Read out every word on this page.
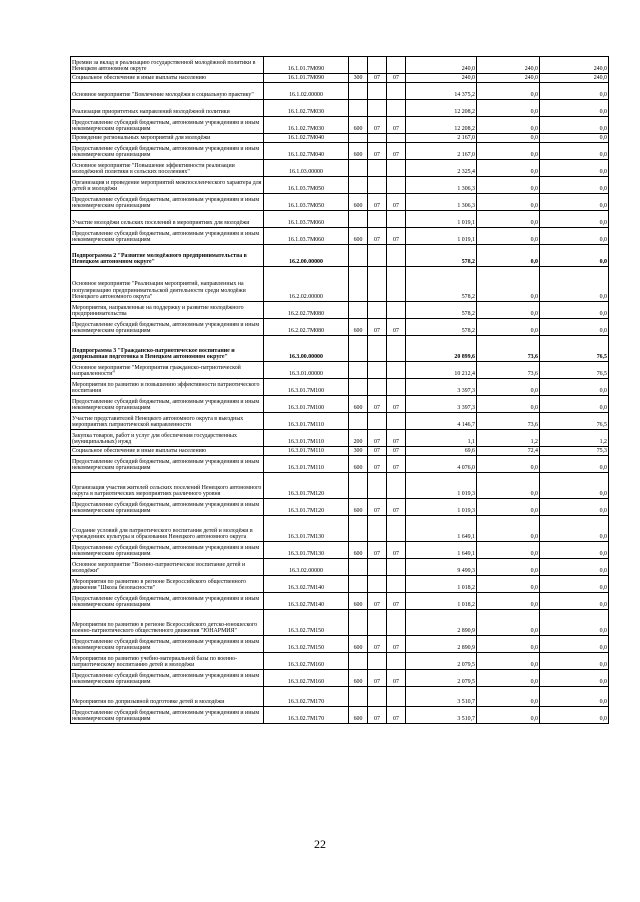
Премии за вклад в реализацию государственной молодёжной политики в Ненецком автономном округе	16.1.01.7М090				240,0	240,0	240,0
Социальное обеспечение и иные выплаты населению	16.1.01.7М090	300	07	07	240,0	240,0	240,0
Основное мероприятие "Вовлечение молодёжи в социальную практику"	16.1.02.00000				14 375,2	0,0	0,0
Реализация приоритетных направлений молодёжной политики	16.1.02.7М030				12 208,2	0,0	0,0
Предоставление субсидий бюджетным, автономным учреждениям и иным некоммерческим организациям	16.1.02.7М030	600	07	07	12 208,2	0,0	0,0
Проведение региональных мероприятий для молодёжи	16.1.02.7М040				2 167,0	0,0	0,0
Предоставление субсидий бюджетным, автономным учреждениям и иным некоммерческим организациям	16.1.02.7М040	600	07	07	2 167,0	0,0	0,0
Основное мероприятие "Повышение эффективности реализации молодёжной политики в сельских поселениях"	16.1.03.00000				2 325,4	0,0	0,0
Организация и проведение мероприятий межпоселенческого характера для детей и молодёжи	16.1.03.7М050				1 306,3	0,0	0,0
Предоставление субсидий бюджетным, автономным учреждениям и иным некоммерческим организациям	16.1.03.7М050	600	07	07	1 306,3	0,0	0,0
Участие молодёжи сельских поселений в мероприятиях для молодёжи	16.1.03.7М060				1 019,1	0,0	0,0
Предоставление субсидий бюджетным, автономным учреждениям и иным некоммерческим организациям	16.1.03.7М060	600	07	07	1 019,1	0,0	0,0
Подпрограмма 2 "Развитие молодёжного предпринимательства в Ненецком автономном округе"	16.2.00.00000				578,2	0,0	0,0
Основное мероприятие "Реализация мероприятий, направленных на популяризацию предпринимательской деятельности среди молодёжи Ненецкого автономного округа"	16.2.02.00000				578,2	0,0	0,0
Мероприятия, направленные на поддержку и развитие молодёжного предпринимательства	16.2.02.7М080				578,2	0,0	0,0
Предоставление субсидий бюджетным, автономным учреждениям и иным некоммерческим организациям	16.2.02.7М080	600	07	07	578,2	0,0	0,0
Подпрограмма 3 "Гражданско-патриотическое воспитание и допризывная подготовка в Ненецком автономном округе"	16.3.00.00000				20 899,6	73,6	76,5
Основное мероприятие "Мероприятия гражданско-патриотической направленности"	16.3.01.00000				10 212,4	73,6	76,5
Мероприятия по развитию и повышению эффективности патриотического воспитания	16.3.01.7М100				3 397,3	0,0	0,0
Предоставление субсидий бюджетным, автономным учреждениям и иным некоммерческим организациям	16.3.01.7М100	600	07	07	3 397,3	0,0	0,0
Участие представителей Ненецкого автономного округа в выездных мероприятиях патриотической направленности	16.3.01.7М110				4 146,7	73,6	76,5
Закупка товаров, работ и услуг для обеспечения государственных (муниципальных) нужд	16.3.01.7М110	200	07	07	1,1	1,2	1,2
Социальное обеспечение и иные выплаты населению	16.3.01.7М110	300	07	07	69,6	72,4	75,3
Предоставление субсидий бюджетным, автономным учреждениям и иным некоммерческим организациям	16.3.01.7М110	600	07	07	4 076,0	0,0	0,0
Организация участия жителей сельских поселений Ненецкого автономного округа в патриотических мероприятиях различного уровня	16.3.01.7М120				1 019,3	0,0	0,0
Предоставление субсидий бюджетным, автономным учреждениям и иным некоммерческим организациям	16.3.01.7М120	600	07	07	1 019,3	0,0	0,0
Создание условий для патриотического воспитания детей и молодёжи в учреждениях культуры и образования Ненецкого автономного округа	16.3.01.7М130				1 649,1	0,0	0,0
Предоставление субсидий бюджетным, автономным учреждениям и иным некоммерческим организациям	16.3.01.7М130	600	07	07	1 649,1	0,0	0,0
Основное мероприятие "Военно-патриотическое воспитание детей и молодёжи"	16.3.02.00000				9 499,3	0,0	0,0
Мероприятия по развитию в регионе Всероссийского общественного движения "Школа безопасности"	16.3.02.7М140				1 018,2	0,0	0,0
Предоставление субсидий бюджетным, автономным учреждениям и иным некоммерческим организациям	16.3.02.7М140	600	07	07	1 018,2	0,0	0,0
Мероприятия по развитию в регионе Всероссийского детско-юношеского военно-патриотического общественного движения "ЮНАРМИЯ"	16.3.02.7М150				2 890,9	0,0	0,0
Предоставление субсидий бюджетным, автономным учреждениям и иным некоммерческим организациям	16.3.02.7М150	600	07	07	2 890,9	0,0	0,0
Мероприятия по развитию учебно-материальной базы по военно-патриотическому воспитанию детей и молодёжи	16.3.02.7М160				2 079,5	0,0	0,0
Предоставление субсидий бюджетным, автономным учреждениям и иным некоммерческим организациям	16.3.02.7М160	600	07	07	2 079,5	0,0	0,0
Мероприятия по допризывной подготовке детей и молодёжи	16.3.02.7М170				3 510,7	0,0	0,0
Предоставление субсидий бюджетным, автономным учреждениям и иным некоммерческим организациям	16.3.02.7М170	600	07	07	3 510,7	0,0	0,0
22
